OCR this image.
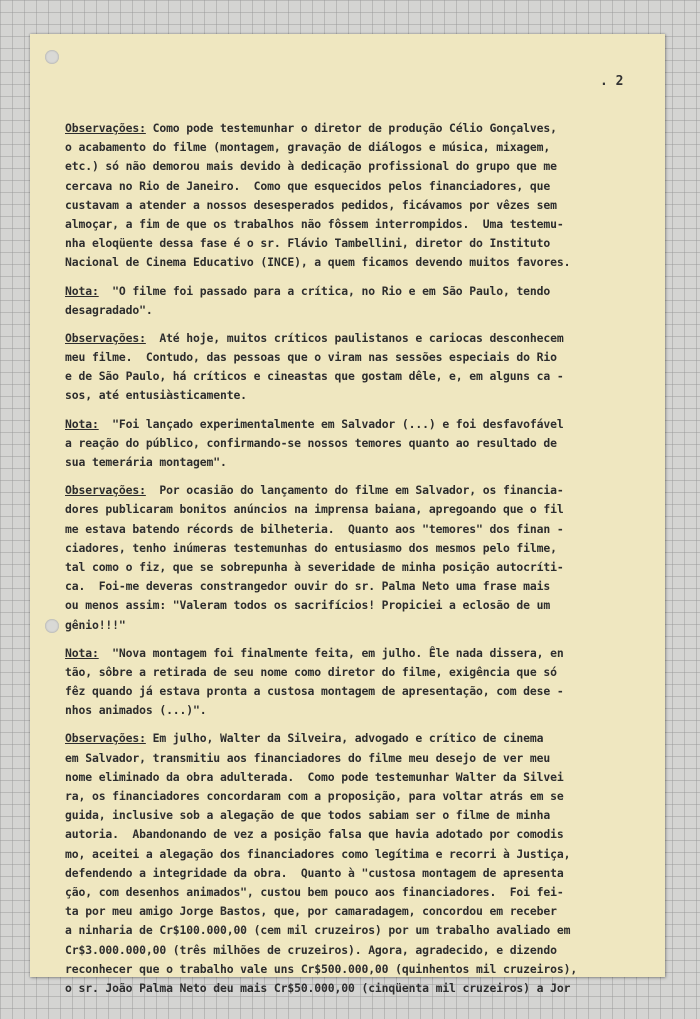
. 2
Observações: Como pode testemunhar o diretor de produção Célio Gonçalves,
o acabamento do filme (montagem, gravação de diálogos e música, mixagem,
etc.) só não demorou mais devido à dedicação profissional do grupo que me
cercava no Rio de Janeiro.  Como que esquecidos pelos financiadores, que
custavam a atender a nossos desesperados pedidos, ficávamos por vêzes sem
almoçar, a fim de que os trabalhos não fôssem interrompidos.  Uma testemu-
nha eloqüente dessa fase é o sr. Flávio Tambellini, diretor do Instituto
Nacional de Cinema Educativo (INCE), a quem ficamos devendo muitos favores.
Nota:  "O filme foi passado para a crítica, no Rio e em São Paulo, tendo
desagradado".
Observações:  Até hoje, muitos críticos paulistanos e cariocas desconhecem
meu filme.  Contudo, das pessoas que o viram nas sessões especiais do Rio
e de São Paulo, há críticos e cineastas que gostam dêle, e, em alguns ca -
sos, até entusiàsticamente.
Nota:  "Foi lançado experimentalmente em Salvador (...) e foi desfavofável
a reação do público, confirmando-se nossos temores quanto ao resultado de
sua temerária montagem".
Observações:  Por ocasião do lançamento do filme em Salvador, os financia-
dores publicaram bonitos anúncios na imprensa baiana, apregoando que o fil
me estava batendo récords de bilheteria.  Quanto aos "temores" dos finan -
ciadores, tenho inúmeras testemunhas do entusiasmo dos mesmos pelo filme,
tal como o fiz, que se sobrepunha à severidade de minha posição autocríti-
ca.  Foi-me deveras constrangedor ouvir do sr. Palma Neto uma frase mais
ou menos assim: "Valeram todos os sacrifícios! Propiciei a eclosão de um
gênio!!!"
Nota:  "Nova montagem foi finalmente feita, em julho. Êle nada dissera, en
tão, sôbre a retirada de seu nome como diretor do filme, exigência que só
fêz quando já estava pronta a custosa montagem de apresentação, com dese -
nhos animados (...)".
Observações: Em julho, Walter da Silveira, advogado e crítico de cinema
em Salvador, transmitiu aos financiadores do filme meu desejo de ver meu
nome eliminado da obra adulterada.  Como pode testemunhar Walter da Silvei
ra, os financiadores concordaram com a proposição, para voltar atrás em se
guida, inclusive sob a alegação de que todos sabiam ser o filme de minha
autoria.  Abandonando de vez a posição falsa que havia adotado por comodis
mo, aceitei a alegação dos financiadores como legítima e recorri à Justiça,
defendendo a integridade da obra.  Quanto à "custosa montagem de apresenta
ção, com desenhos animados", custou bem pouco aos financiadores.  Foi fei-
ta por meu amigo Jorge Bastos, que, por camaradagem, concordou em receber
a ninharia de Cr$100.000,00 (cem mil cruzeiros) por um trabalho avaliado em
Cr$3.000.000,00 (três milhões de cruzeiros). Agora, agradecido, e dizendo
reconhecer que o trabalho vale uns Cr$500.000,00 (quinhentos mil cruzeiros),
o sr. João Palma Neto deu mais Cr$50.000,00 (cinqüenta mil cruzeiros) a Jor
